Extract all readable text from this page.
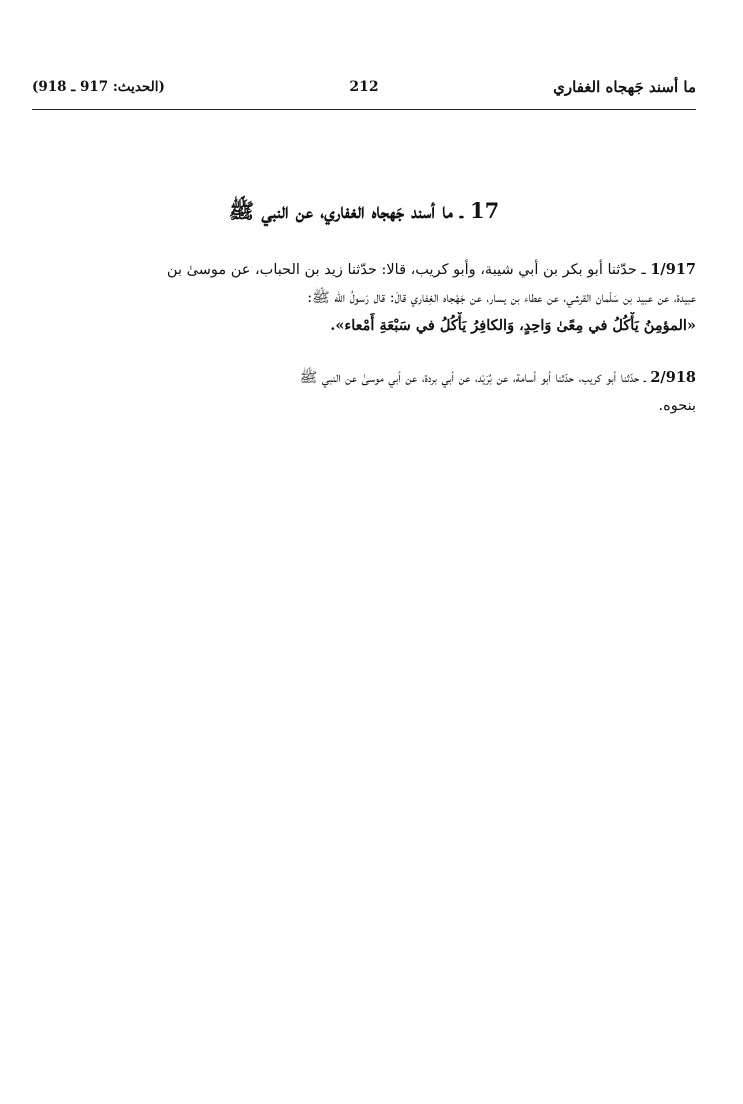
ما أسند جَهجاه الغفاري
212
(الحديث: 917 ـ 918)
17 ـ ما أسند جَهجاه الغفاري، عن النبي ﷺ
1/917 ـ حدّثنا أبو بكر بن أبي شيبة، وأبو كريب، قالا: حدّثنا زيد بن الحباب، عن موسىٰ بن
عبيدة، عن عبيد بن سَلْمان القرشي، عن عطاء بن يسار، عن جَهْجاه الغِفاري قالَ: قال رَسولُ الله ﷺ:
«المؤمِنُ يَأْكُلُ في مِعًىٰ وَاحِدٍ، وَالكافِرُ يَأْكُلُ في سَبْعَةِ أَمْعاء».
2/918 ـ حدّثنا أبو كريب، حدّثنا أبو أسامة، عن بُرَيْد، عن أبي بردة، عن أبي موسىٰ عن النبي ﷺ
بنحوه.
